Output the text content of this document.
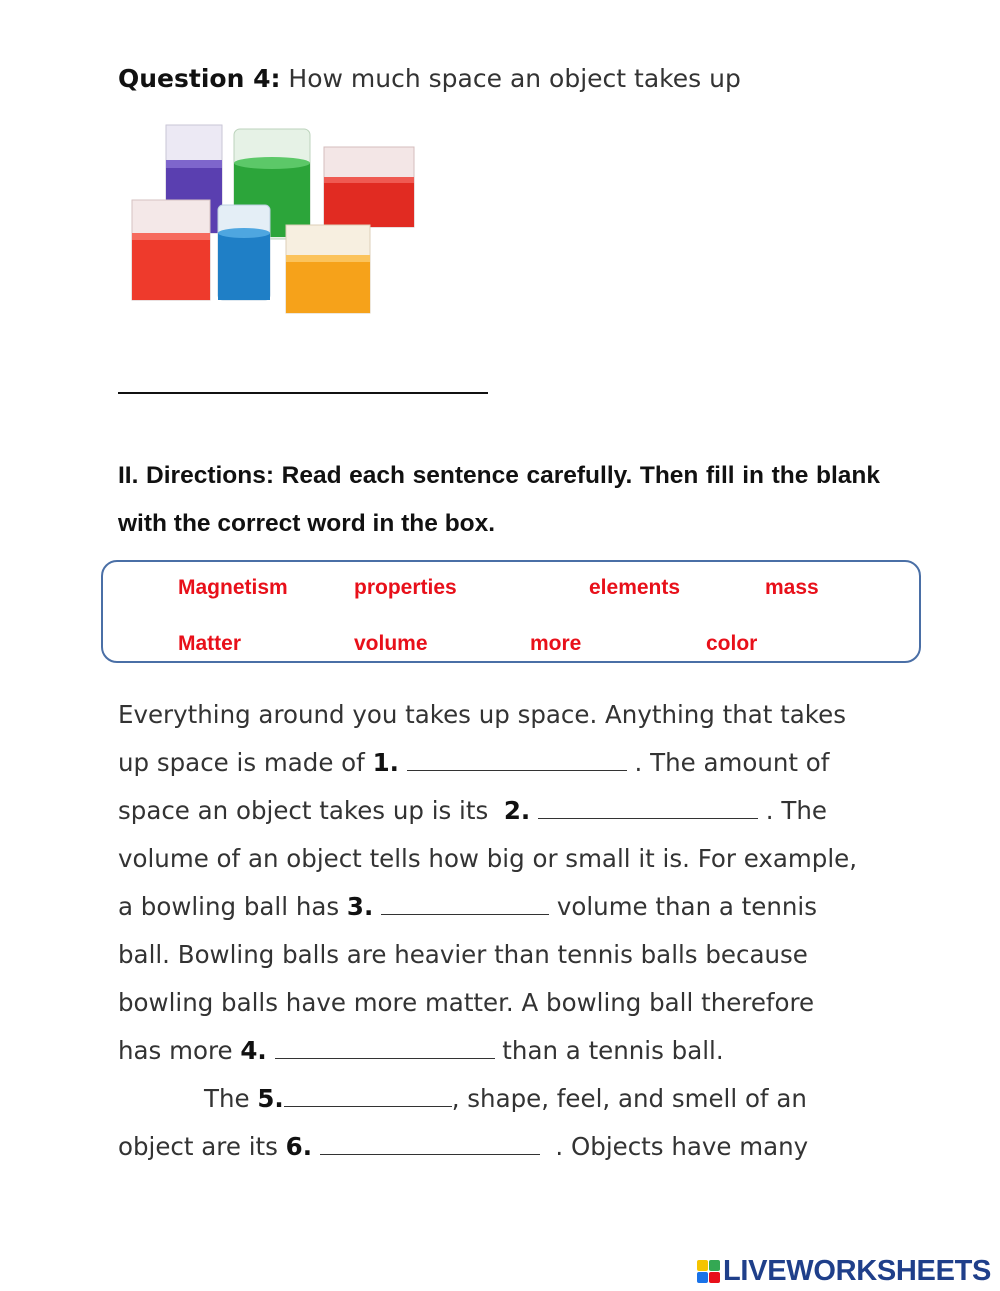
Question 4: How much space an object takes up
II. Directions: Read each sentence carefully. Then fill in the blank with the correct word in the box.
Magnetism	properties	elements	mass
Matter	volume	more	color
Everything around you takes up space. Anything that takes
up space is made of 1.	. The amount of
space an object takes up is its  2.	. The
volume of an object tells how big or small it is. For example,
a bowling ball has 3.	volume than a tennis
ball. Bowling balls are heavier than tennis balls because
bowling balls have more matter. A bowling ball therefore
has more 4.	than a tennis ball.
The 5.	, shape, feel, and smell of an
object are its 6.	. Objects have many
LIVEWORKSHEETS
